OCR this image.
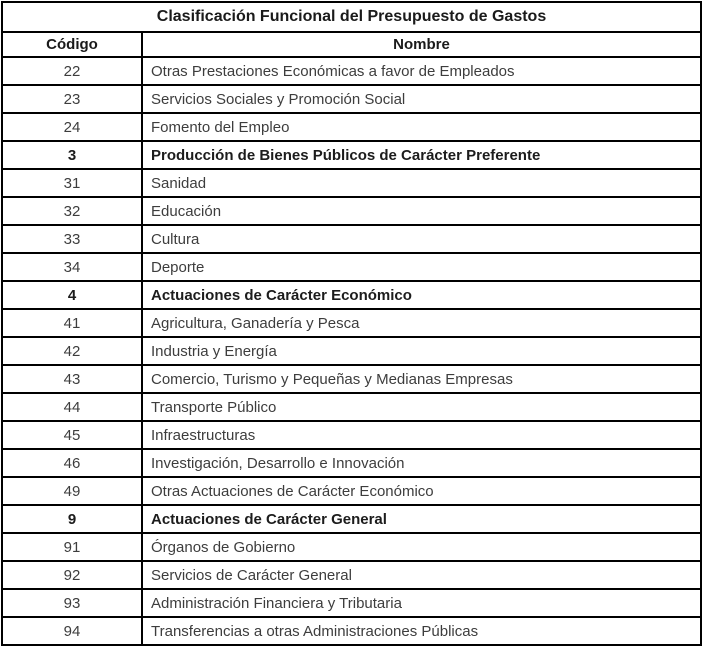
Clasificación Funcional del Presupuesto de Gastos	
Código	Nombre
22	Otras Prestaciones Económicas a favor de Empleados
23	Servicios Sociales y Promoción Social
24	Fomento del Empleo
3	Producción de Bienes Públicos de Carácter Preferente
31	Sanidad
32	Educación
33	Cultura
34	Deporte
4	Actuaciones de Carácter Económico
41	Agricultura, Ganadería y Pesca
42	Industria y Energía
43	Comercio, Turismo y Pequeñas y Medianas Empresas
44	Transporte Público
45	Infraestructuras
46	Investigación, Desarrollo e Innovación
49	Otras Actuaciones de Carácter Económico
9	Actuaciones de Carácter General
91	Órganos de Gobierno
92	Servicios de Carácter General
93	Administración Financiera y Tributaria
94	Transferencias a otras Administraciones Públicas
